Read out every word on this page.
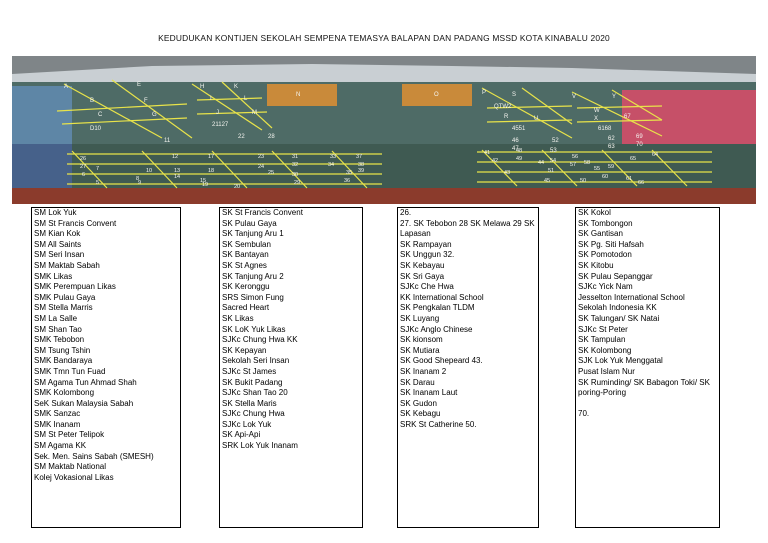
KEDUDUKAN KONTIJEN SEKOLAH SEMPENA TEMASYA BALAPAN DAN PADANG MSSD KOTA KINABALU 2020
A	E
B	F
C	G
D10
H	K
I	L
J	M
21127
N	O	P	S
QTW2
R	U
4551
V	Y
W
67
X
6168
11
22	28
46	52	62	69
47	53
63	70
26
27
12	17	23	31	33	37
5
8
13	18
24	32	34	38
6
9
14
19
25	35 39
7	10
15
20
29	36
30
41	48
42
43
49
44 54
56
45
58
50
55
51
57	59
64
60
65
61
66
SM Lok Yuk
SM St Francis Convent
SM Kian Kok
SM All Saints
SM Seri Insan
SM Maktab Sabah
SMK Likas
SMK Perempuan Likas
SMK Pulau Gaya
SM Stella Marris
SM La Salle
SM Shan Tao
SMK Tebobon
SM Tsung Tshin
SMK Bandaraya
SMK Tmn Tun Fuad
SM Agama Tun Ahmad Shah
SMK Kolombong
SeK Sukan Malaysia Sabah
SMK Sanzac
SMK Inanam
SM St Peter Telipok
SM Agama KK
Sek. Men. Sains Sabah (SMESH)
SM Maktab National
Kolej Vokasional Likas
SK St Francis Convent
SK Pulau Gaya
SK Tanjung Aru 1
SK Sembulan
SK Bantayan
SK St Agnes
SK Tanjung Aru 2
SK Keronggu
SRS Simon Fung
Sacred Heart
SK Likas
SK LoK Yuk Likas
SJKc Chung Hwa KK
SK Kepayan
Sekolah Seri Insan
SJKc St James
SK Bukit Padang
SJKc Shan Tao 20
SK Stella Maris
SJKc Chung Hwa
SJKc Lok Yuk
SK Api-Api
SRK Lok Yuk Inanam
26.
27. SK Tebobon 28 SK Melawa 29 SK
Lapasan
SK Rampayan
SK Unggun 32.
SK Kebayau
SK Sri Gaya
SJKc Che Hwa
KK International School
SK Pengkalan TLDM
SK Luyang
SJKc Anglo Chinese
SK kionsom
SK Mutiara
SK Good Shepeard 43.
SK Inanam 2
SK Darau
SK Inanam Laut
SK Gudon
SK Kebagu
SRK St Catherine 50.
SK Kokol
SK Tombongon
SK Gantisan
SK Pg. Siti Hafsah
SK Pomotodon
SK Kitobu
SK Pulau Sepanggar
SJKc Yick Nam
Jesselton International School
Sekolah Indonesia KK
SK Talungan/ SK Natai
SJKc St Peter
SK Tampulan
SK Kolombong
SJK Lok Yuk Menggatal
Pusat Islam Nur
SK Ruminding/ SK Babagon Toki/ SK
poring-Poring

70.
